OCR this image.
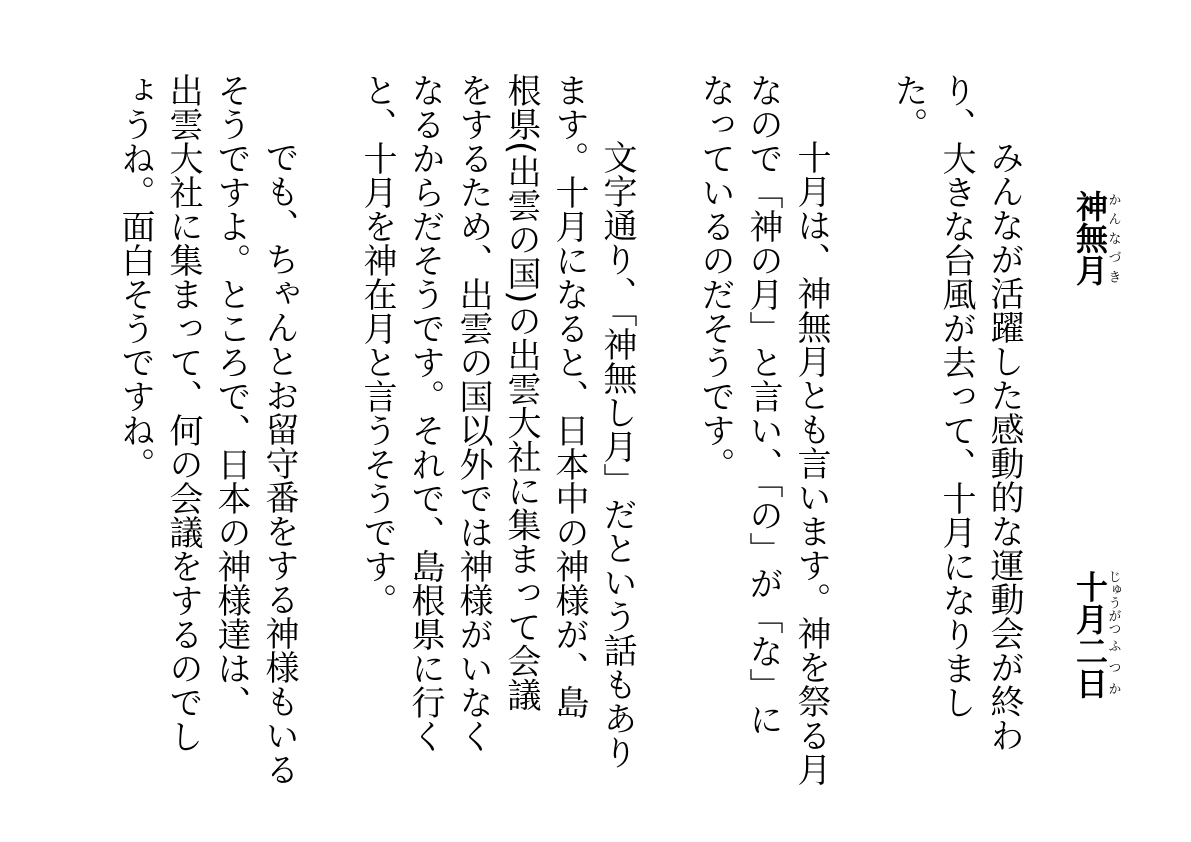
十月じゅうがつ二日ふつか
神無月かんなづき
　みんなが活躍した感動的な運動会が終わ
り、大きな台風が去って、十月になりまし
た。
　十月は、神無月とも言います。神を祭る月
なので「神の月」と言い、「の」が「な」に
なっているのだそうです。
　文字通り、「神無し月」だという話もあり
ます。十月になると、日本中の神様が、島
根県(出雲の国)の出雲大社に集まって会議
をするため、出雲の国以外では神様がいなく
なるからだそうです。それで、島根県に行く
と、十月を神在月と言うそうです。
　でも、ちゃんとお留守番をする神様もいる
そうですよ。ところで、日本の神様達は、
出雲大社に集まって、何の会議をするのでし
ょうね。面白そうですね。
